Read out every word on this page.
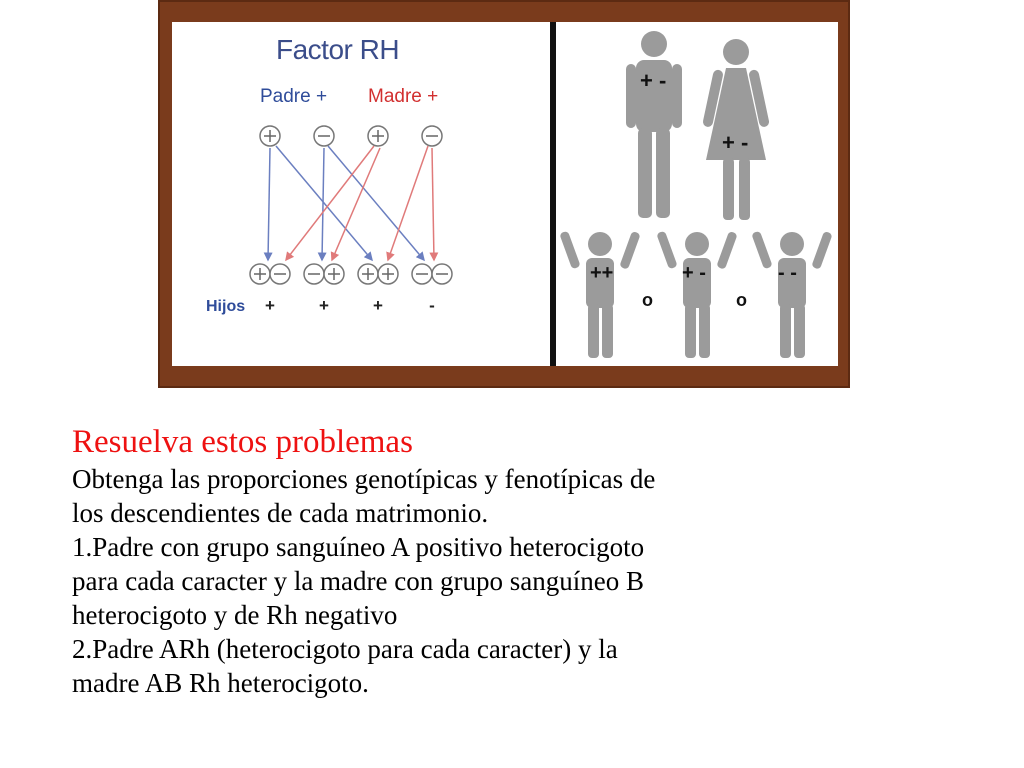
Factor RH
Padre + Madre +
Hijos +	+	+	-
+ -
+ -
++	+ -	- -
o	o

Resuelva estos problemas

Obtenga las proporciones genotípicas y fenotípicas de

los descendientes de cada matrimonio.

1.Padre con grupo sanguíneo A positivo heterocigoto

para cada caracter y la madre con grupo sanguíneo B

heterocigoto y de Rh negativo

2.Padre ARh (heterocigoto para cada caracter) y la

madre AB Rh heterocigoto.
